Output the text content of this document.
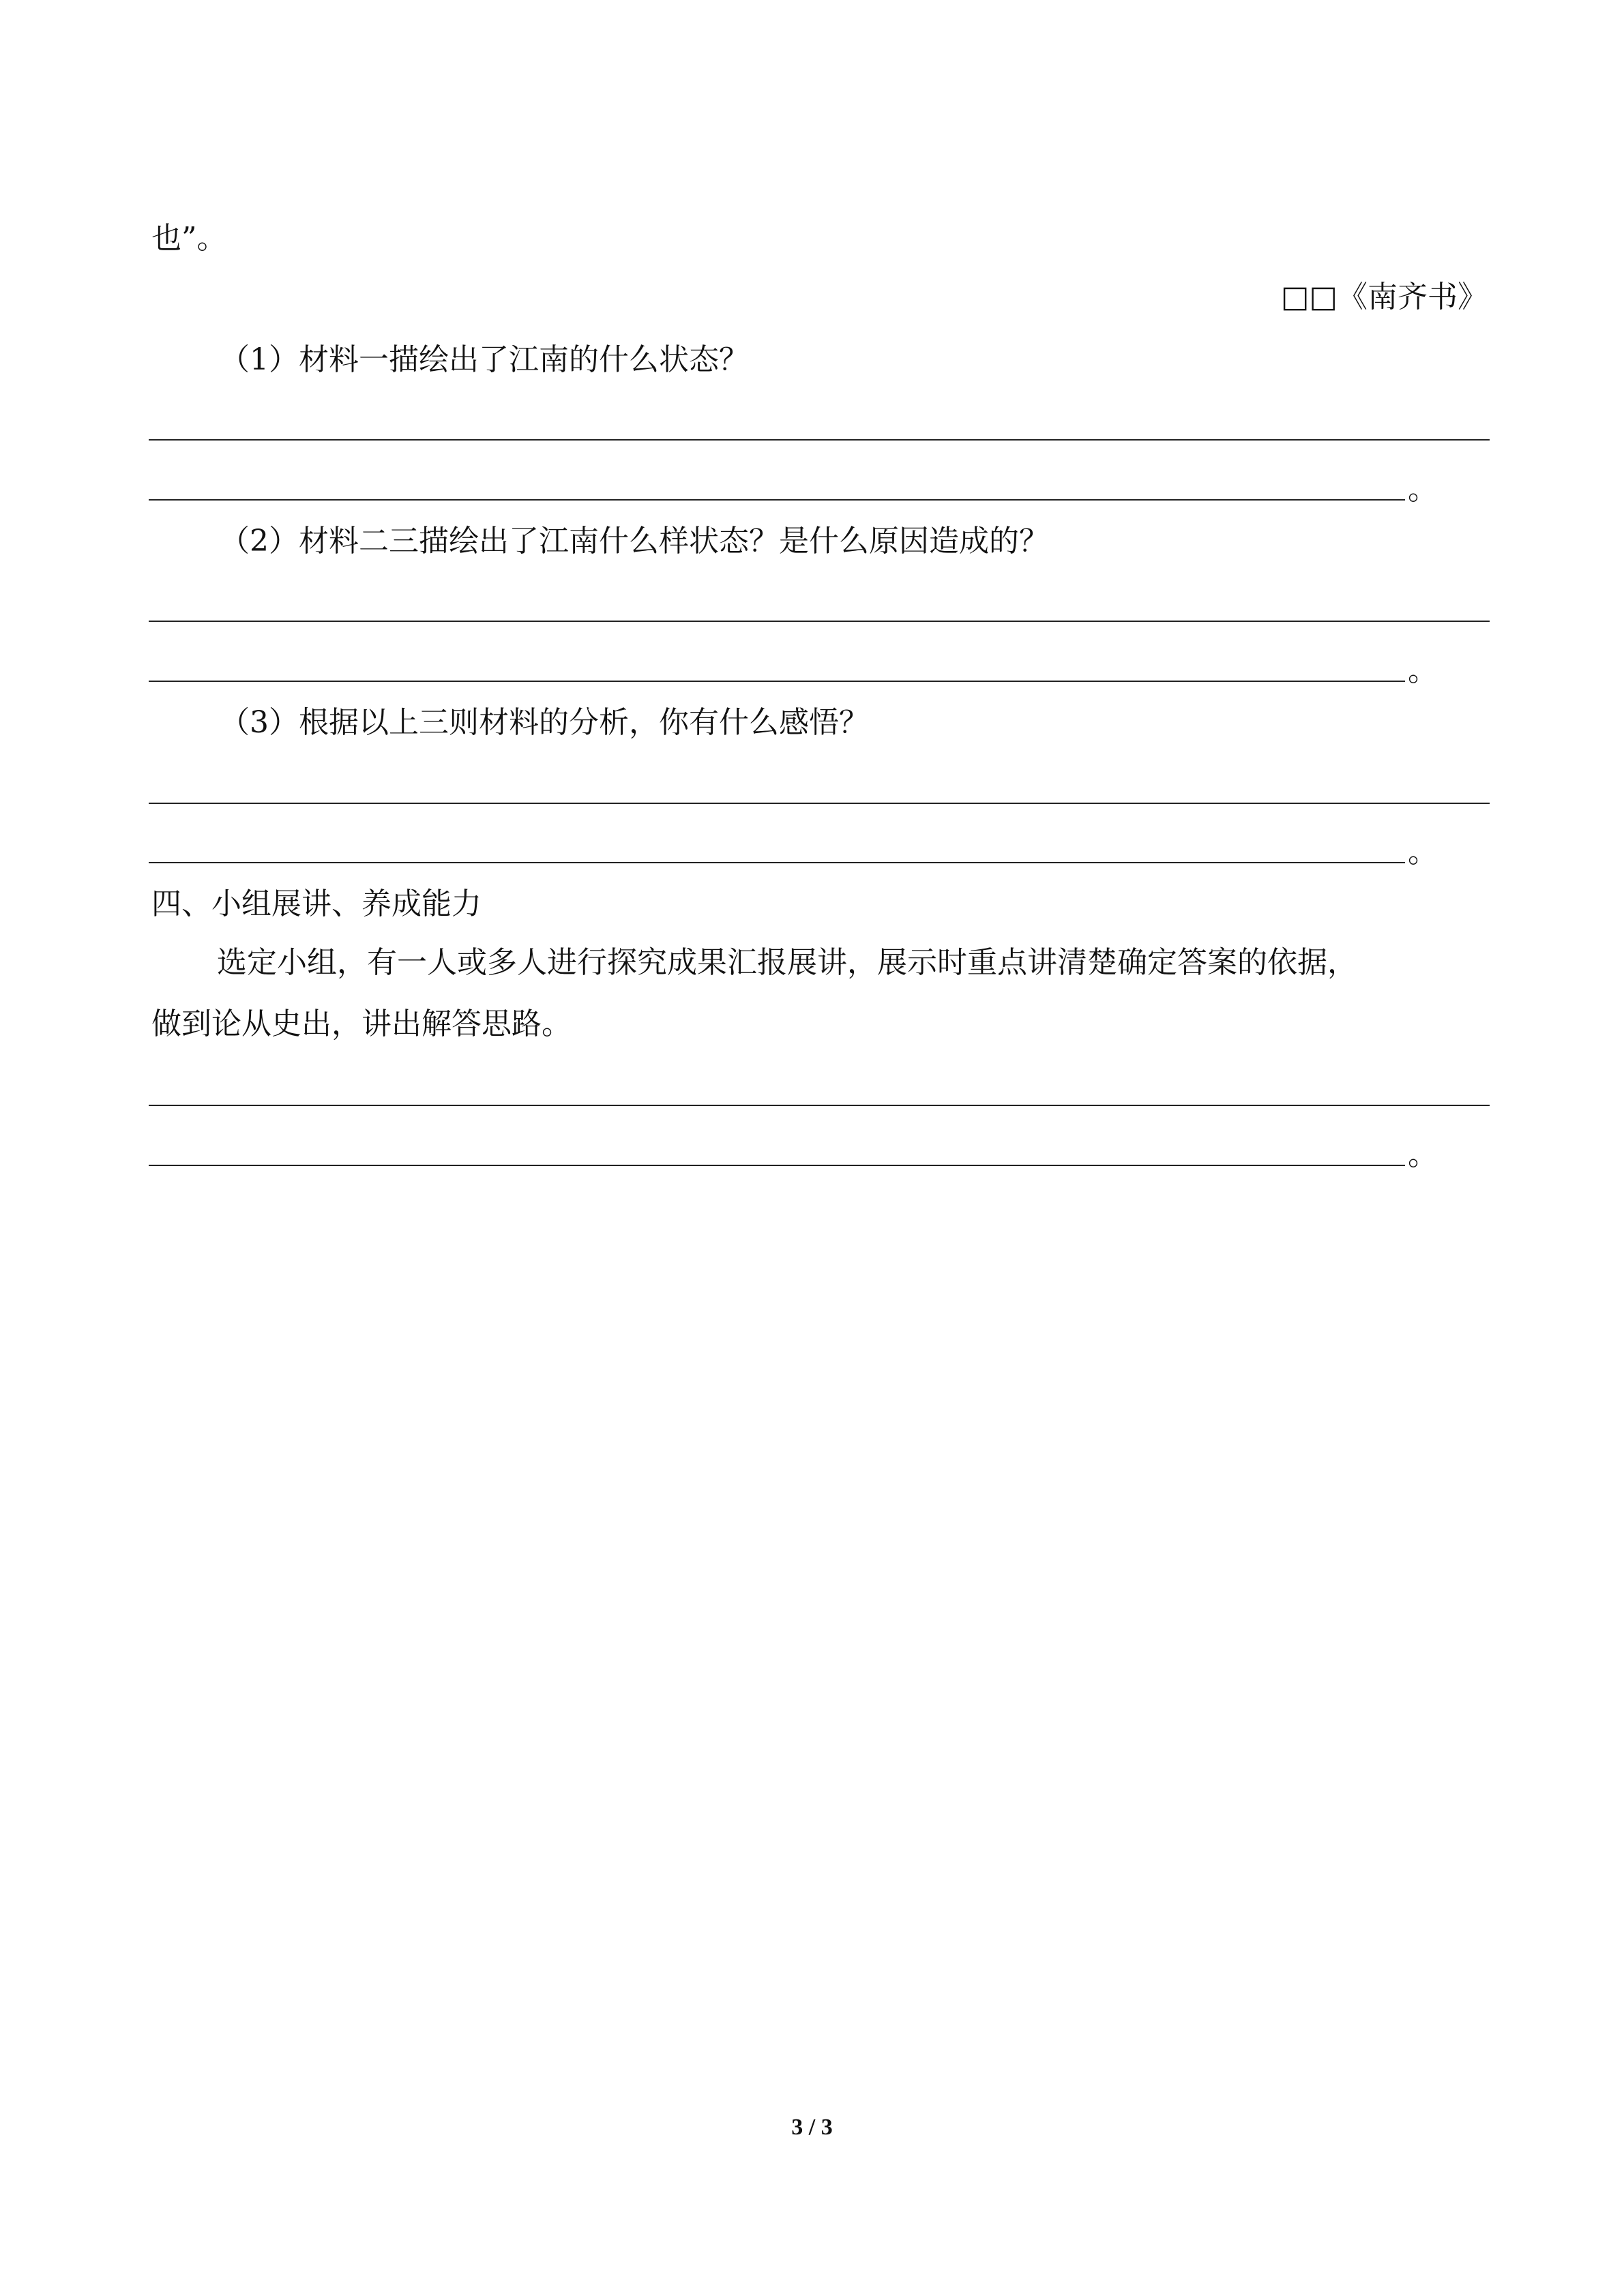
也”。
□□《南齐书》
（1）材料一描绘出了江南的什么状态？
。
（2）材料二三描绘出了江南什么样状态？是什么原因造成的？
。
（3）根据以上三则材料的分析，你有什么感悟？
。
四、小组展讲、养成能力
选定小组，有一人或多人进行探究成果汇报展讲，展示时重点讲清楚确定答案的依据，
做到论从史出，讲出解答思路。
。
3 / 3
